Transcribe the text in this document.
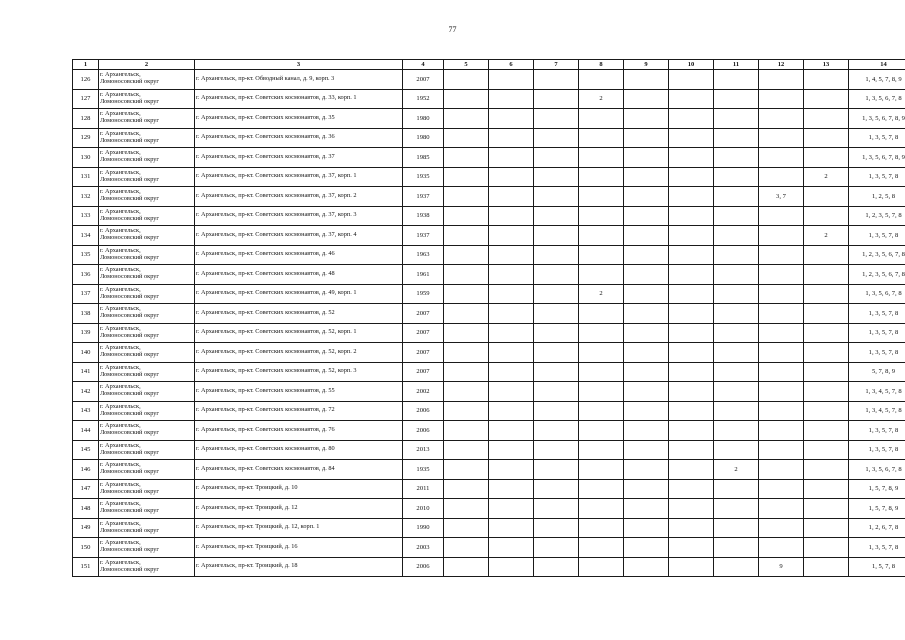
77
1	2	3	4	5	6	7	8	9	10	11	12	13	14
126	г. Архангельск,
Ломоносовский округ	г. Архангельск, пр-кт. Обводный канал, д. 9, корп. 3	2007										1, 4, 5, 7, 8, 9
127	г. Архангельск,
Ломоносовский округ	г. Архангельск, пр-кт. Советских космонавтов, д. 33, корп. 1	1952				2						1, 3, 5, 6, 7, 8
128	г. Архангельск,
Ломоносовский округ	г. Архангельск, пр-кт. Советских космонавтов, д. 35	1980										1, 3, 5, 6, 7, 8, 9
129	г. Архангельск,
Ломоносовский округ	г. Архангельск, пр-кт. Советских космонавтов, д. 36	1980										1, 3, 5, 7, 8
130	г. Архангельск,
Ломоносовский округ	г. Архангельск, пр-кт. Советских космонавтов, д. 37	1985										1, 3, 5, 6, 7, 8, 9
131	г. Архангельск,
Ломоносовский округ	г. Архангельск, пр-кт. Советских космонавтов, д. 37, корп. 1	1935									2	1, 3, 5, 7, 8
132	г. Архангельск,
Ломоносовский округ	г. Архангельск, пр-кт. Советских космонавтов, д. 37, корп. 2	1937								3, 7		1, 2, 5, 8
133	г. Архангельск,
Ломоносовский округ	г. Архангельск, пр-кт. Советских космонавтов, д. 37, корп. 3	1938										1, 2, 3, 5, 7, 8
134	г. Архангельск,
Ломоносовский округ	г. Архангельск, пр-кт. Советских космонавтов, д. 37, корп. 4	1937									2	1, 3, 5, 7, 8
135	г. Архангельск,
Ломоносовский округ	г. Архангельск, пр-кт. Советских космонавтов, д. 46	1963										1, 2, 3, 5, 6, 7, 8
136	г. Архангельск,
Ломоносовский округ	г. Архангельск, пр-кт. Советских космонавтов, д. 48	1961										1, 2, 3, 5, 6, 7, 8
137	г. Архангельск,
Ломоносовский округ	г. Архангельск, пр-кт. Советских космонавтов, д. 49, корп. 1	1959				2						1, 3, 5, 6, 7, 8
138	г. Архангельск,
Ломоносовский округ	г. Архангельск, пр-кт. Советских космонавтов, д. 52	2007										1, 3, 5, 7, 8
139	г. Архангельск,
Ломоносовский округ	г. Архангельск, пр-кт. Советских космонавтов, д. 52, корп. 1	2007										1, 3, 5, 7, 8
140	г. Архангельск,
Ломоносовский округ	г. Архангельск, пр-кт. Советских космонавтов, д. 52, корп. 2	2007										1, 3, 5, 7, 8
141	г. Архангельск,
Ломоносовский округ	г. Архангельск, пр-кт. Советских космонавтов, д. 52, корп. 3	2007										5, 7, 8, 9
142	г. Архангельск,
Ломоносовский округ	г. Архангельск, пр-кт. Советских космонавтов, д. 55	2002										1, 3, 4, 5, 7, 8
143	г. Архангельск,
Ломоносовский округ	г. Архангельск, пр-кт. Советских космонавтов, д. 72	2006										1, 3, 4, 5, 7, 8
144	г. Архангельск,
Ломоносовский округ	г. Архангельск, пр-кт. Советских космонавтов, д. 76	2006										1, 3, 5, 7, 8
145	г. Архангельск,
Ломоносовский округ	г. Архангельск, пр-кт. Советских космонавтов, д. 80	2013										1, 3, 5, 7, 8
146	г. Архангельск,
Ломоносовский округ	г. Архангельск, пр-кт. Советских космонавтов, д. 84	1935							2			1, 3, 5, 6, 7, 8
147	г. Архангельск,
Ломоносовский округ	г. Архангельск, пр-кт. Троицкий, д. 10	2011										1, 5, 7, 8, 9
148	г. Архангельск,
Ломоносовский округ	г. Архангельск, пр-кт. Троицкий, д. 12	2010										1, 5, 7, 8, 9
149	г. Архангельск,
Ломоносовский округ	г. Архангельск, пр-кт. Троицкий, д. 12, корп. 1	1990										1, 2, 6, 7, 8
150	г. Архангельск,
Ломоносовский округ	г. Архангельск, пр-кт. Троицкий, д. 16	2003										1, 3, 5, 7, 8
151	г. Архангельск,
Ломоносовский округ	г. Архангельск, пр-кт. Троицкий, д. 18	2006								9		1, 5, 7, 8
